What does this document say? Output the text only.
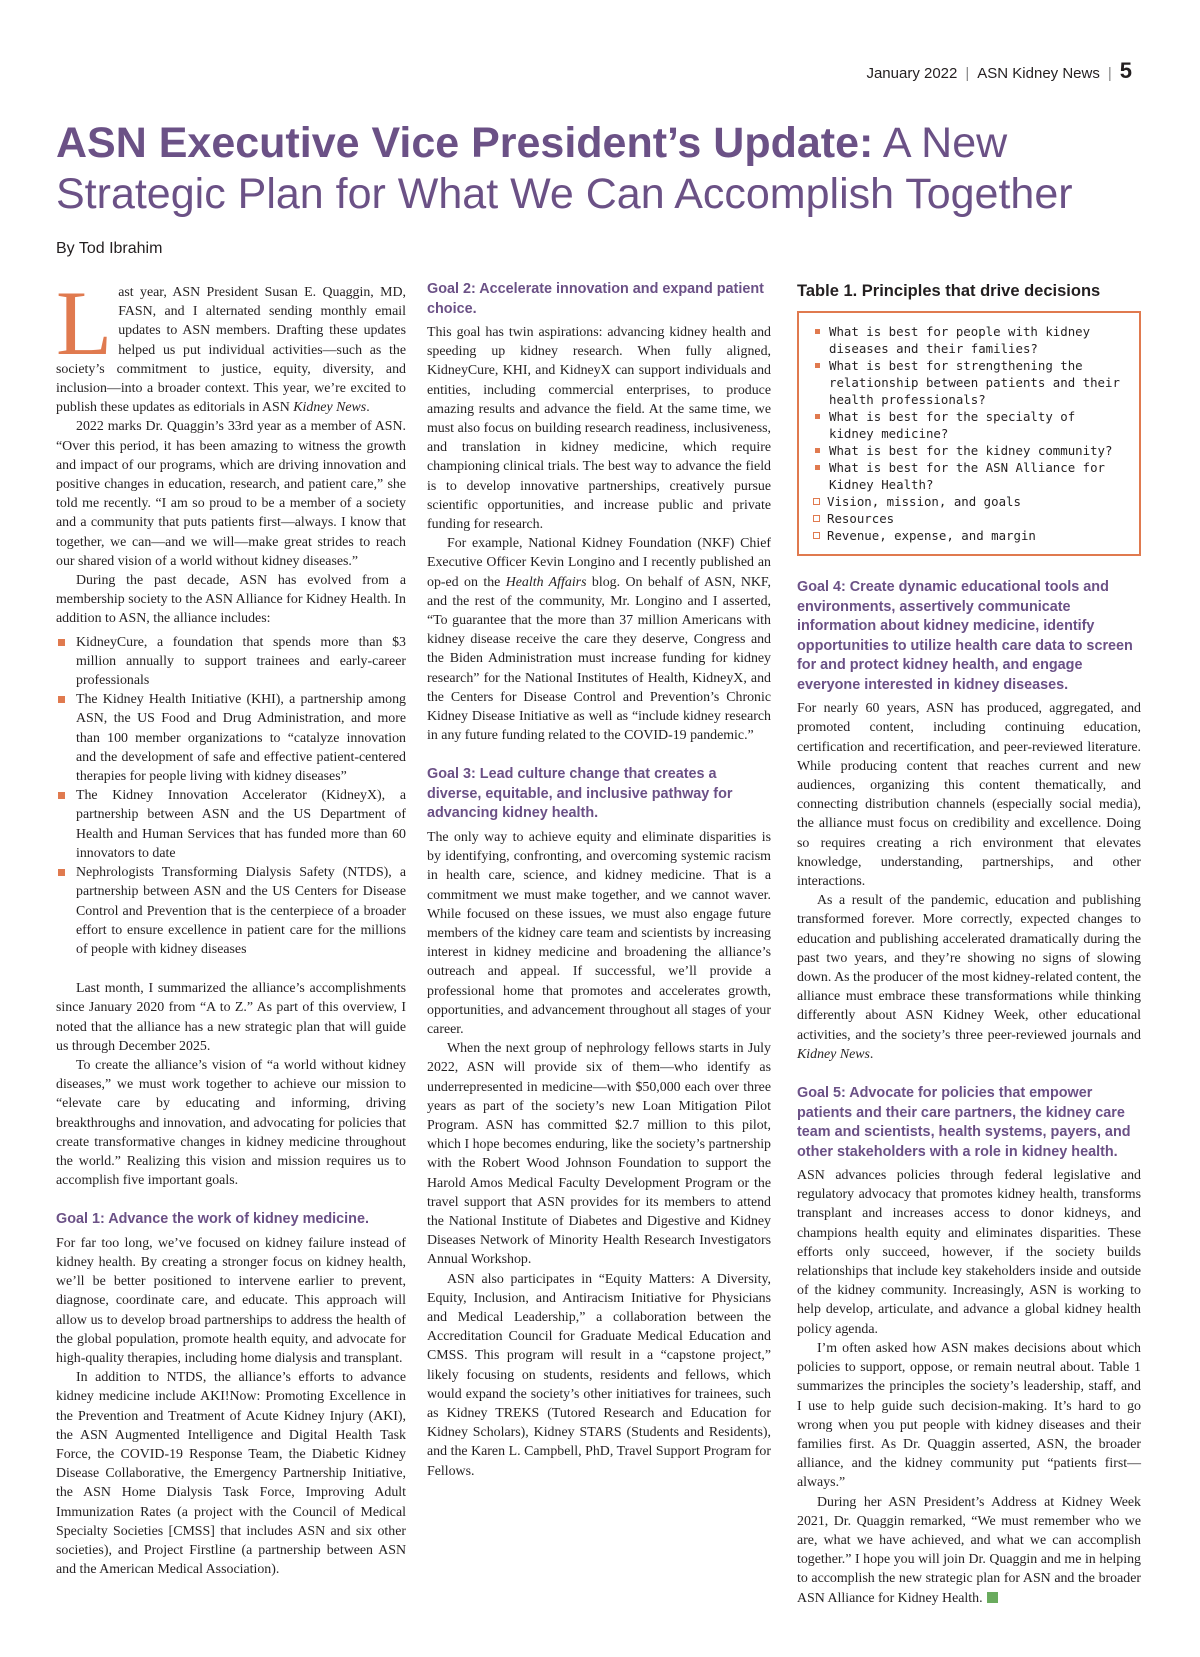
January 2022 | ASN Kidney News | 5
ASN Executive Vice President’s Update: A New Strategic Plan for What We Can Accomplish Together
By Tod Ibrahim

Last year, ASN President Susan E. Quaggin, MD, FASN, and I alternated sending monthly email updates to ASN members. Drafting these updates helped us put individual activities—such as the society’s commitment to justice, equity, diversity, and inclusion—into a broader context. This year, we’re excited to publish these updates as editorials in ASN Kidney News.

2022 marks Dr. Quaggin’s 33rd year as a member of ASN. “Over this period, it has been amazing to witness the growth and impact of our programs, which are driving innovation and positive changes in education, research, and patient care,” she told me recently. “I am so proud to be a member of a society and a community that puts patients first—always. I know that together, we can—and we will—make great strides to reach our shared vision of a world without kidney diseases.”

During the past decade, ASN has evolved from a membership society to the ASN Alliance for Kidney Health. In addition to ASN, the alliance includes:

KidneyCure, a foundation that spends more than $3 million annually to support trainees and early-career professionals
The Kidney Health Initiative (KHI), a partnership among ASN, the US Food and Drug Administration, and more than 100 member organizations to “catalyze innovation and the development of safe and effective patient-centered therapies for people living with kidney diseases”
The Kidney Innovation Accelerator (KidneyX), a partnership between ASN and the US Department of Health and Human Services that has funded more than 60 innovators to date
Nephrologists Transforming Dialysis Safety (NTDS), a partnership between ASN and the US Centers for Disease Control and Prevention that is the centerpiece of a broader effort to ensure excellence in patient care for the millions of people with kidney diseases

Last month, I summarized the alliance’s accomplishments since January 2020 from “A to Z.” As part of this overview, I noted that the alliance has a new strategic plan that will guide us through December 2025.

To create the alliance’s vision of “a world without kidney diseases,” we must work together to achieve our mission to “elevate care by educating and informing, driving breakthroughs and innovation, and advocating for policies that create transformative changes in kidney medicine throughout the world.” Realizing this vision and mission requires us to accomplish five important goals.

Goal 1: Advance the work of kidney medicine.

For far too long, we’ve focused on kidney failure instead of kidney health. By creating a stronger focus on kidney health, we’ll be better positioned to intervene earlier to prevent, diagnose, coordinate care, and educate. This approach will allow us to develop broad partnerships to address the health of the global population, promote health equity, and advocate for high-quality therapies, including home dialysis and transplant.

In addition to NTDS, the alliance’s efforts to advance kidney medicine include AKI!Now: Promoting Excellence in the Prevention and Treatment of Acute Kidney Injury (AKI), the ASN Augmented Intelligence and Digital Health Task Force, the COVID-19 Response Team, the Diabetic Kidney Disease Collaborative, the Emergency Partnership Initiative, the ASN Home Dialysis Task Force, Improving Adult Immunization Rates (a project with the Council of Medical Specialty Societies [CMSS] that includes ASN and six other societies), and Project Firstline (a partnership between ASN and the American Medical Association).

Goal 2: Accelerate innovation and expand patient choice.

This goal has twin aspirations: advancing kidney health and speeding up kidney research. When fully aligned, KidneyCure, KHI, and KidneyX can support individuals and entities, including commercial enterprises, to produce amazing results and advance the field. At the same time, we must also focus on building research readiness, inclusiveness, and translation in kidney medicine, which require championing clinical trials. The best way to advance the field is to develop innovative partnerships, creatively pursue scientific opportunities, and increase public and private funding for research.

For example, National Kidney Foundation (NKF) Chief Executive Officer Kevin Longino and I recently published an op-ed on the Health Affairs blog. On behalf of ASN, NKF, and the rest of the community, Mr. Longino and I asserted, “To guarantee that the more than 37 million Americans with kidney disease receive the care they deserve, Congress and the Biden Administration must increase funding for kidney research” for the National Institutes of Health, KidneyX, and the Centers for Disease Control and Prevention’s Chronic Kidney Disease Initiative as well as “include kidney research in any future funding related to the COVID-19 pandemic.”

Goal 3: Lead culture change that creates a diverse, equitable, and inclusive pathway for advancing kidney health.

The only way to achieve equity and eliminate disparities is by identifying, confronting, and overcoming systemic racism in health care, science, and kidney medicine. That is a commitment we must make together, and we cannot waver. While focused on these issues, we must also engage future members of the kidney care team and scientists by increasing interest in kidney medicine and broadening the alliance’s outreach and appeal. If successful, we’ll provide a professional home that promotes and accelerates growth, opportunities, and advancement throughout all stages of your career.

When the next group of nephrology fellows starts in July 2022, ASN will provide six of them—who identify as underrepresented in medicine—with $50,000 each over three years as part of the society’s new Loan Mitigation Pilot Program. ASN has committed $2.7 million to this pilot, which I hope becomes enduring, like the society’s partnership with the Robert Wood Johnson Foundation to support the Harold Amos Medical Faculty Development Program or the travel support that ASN provides for its members to attend the National Institute of Diabetes and Digestive and Kidney Diseases Network of Minority Health Research Investigators Annual Workshop.

ASN also participates in “Equity Matters: A Diversity, Equity, Inclusion, and Antiracism Initiative for Physicians and Medical Leadership,” a collaboration between the Accreditation Council for Graduate Medical Education and CMSS. This program will result in a “capstone project,” likely focusing on students, residents and fellows, which would expand the society’s other initiatives for trainees, such as Kidney TREKS (Tutored Research and Education for Kidney Scholars), Kidney STARS (Students and Residents), and the Karen L. Campbell, PhD, Travel Support Program for Fellows.

Table 1. Principles that drive decisions
What is best for people with kidney diseases and their families?
What is best for strengthening the relationship between patients and their health professionals?
What is best for the specialty of kidney medicine?
What is best for the kidney community?
What is best for the ASN Alliance for Kidney Health?
Vision, mission, and goals
Resources
Revenue, expense, and margin
Goal 4: Create dynamic educational tools and environments, assertively communicate information about kidney medicine, identify opportunities to utilize health care data to screen for and protect kidney health, and engage everyone interested in kidney diseases.

For nearly 60 years, ASN has produced, aggregated, and promoted content, including continuing education, certification and recertification, and peer-reviewed literature. While producing content that reaches current and new audiences, organizing this content thematically, and connecting distribution channels (especially social media), the alliance must focus on credibility and excellence. Doing so requires creating a rich environment that elevates knowledge, understanding, partnerships, and other interactions.

As a result of the pandemic, education and publishing transformed forever. More correctly, expected changes to education and publishing accelerated dramatically during the past two years, and they’re showing no signs of slowing down. As the producer of the most kidney-related content, the alliance must embrace these transformations while thinking differently about ASN Kidney Week, other educational activities, and the society’s three peer-reviewed journals and Kidney News.

Goal 5: Advocate for policies that empower patients and their care partners, the kidney care team and scientists, health systems, payers, and other stakeholders with a role in kidney health.

ASN advances policies through federal legislative and regulatory advocacy that promotes kidney health, transforms transplant and increases access to donor kidneys, and champions health equity and eliminates disparities. These efforts only succeed, however, if the society builds relationships that include key stakeholders inside and outside of the kidney community. Increasingly, ASN is working to help develop, articulate, and advance a global kidney health policy agenda.

I’m often asked how ASN makes decisions about which policies to support, oppose, or remain neutral about. Table 1 summarizes the principles the society’s leadership, staff, and I use to help guide such decision-making. It’s hard to go wrong when you put people with kidney diseases and their families first. As Dr. Quaggin asserted, ASN, the broader alliance, and the kidney community put “patients first—always.”

During her ASN President’s Address at Kidney Week 2021, Dr. Quaggin remarked, “We must remember who we are, what we have achieved, and what we can accomplish together.” I hope you will join Dr. Quaggin and me in helping to accomplish the new strategic plan for ASN and the broader ASN Alliance for Kidney Health.
